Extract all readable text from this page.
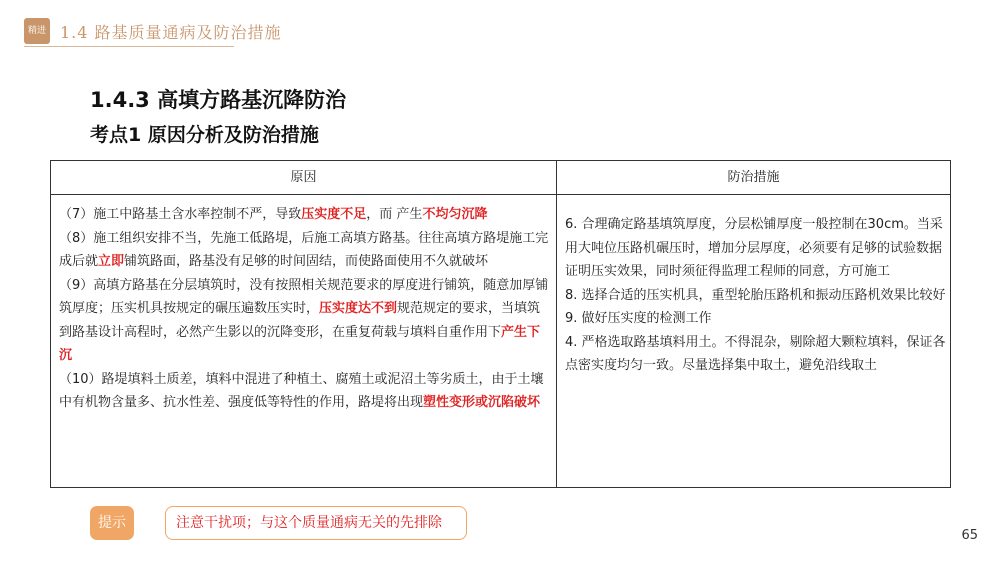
精进 1.4 路基质量通病及防治措施
1.4.3 高填方路基沉降防治
考点1 原因分析及防治措施
原因	防治措施

（7）施工中路基土含水率控制不严，导致压实度不足，而 产生不均匀沉降

（8）施工组织安排不当，先施工低路堤，后施工高填方路基。往往高填方路堤施工完成后就立即铺筑路面，路基没有足够的时间固结，而使路面使用不久就破坏

（9）高填方路基在分层填筑时，没有按照相关规范要求的厚度进行铺筑，随意加厚铺筑厚度；压实机具按规定的碾压遍数压实时，压实度达不到规范规定的要求，当填筑到路基设计高程时，必然产生影以的沉降变形，在重复荷载与填料自重作用下产生下沉

（10）路堤填料土质差，填料中混进了种植土、腐殖土或泥沼土等劣质土，由于土壤中有机物含量多、抗水性差、强度低等特性的作用，路堤将出现塑性变形或沉陷破坏

6. 合理确定路基填筑厚度，分层松铺厚度一般控制在30cm。当采用大吨位压路机碾压时，增加分层厚度，必须要有足够的试验数据证明压实效果，同时须征得监理工程师的同意，方可施工

8. 选择合适的压实机具，重型轮胎压路机和振动压路机效果比较好

9. 做好压实度的检测工作

4. 严格选取路基填料用土。不得混杂，剔除超大颗粒填料，保证各点密实度均匀一致。尽量选择集中取土，避免沿线取土

提示	注意干扰项；与这个质量通病无关的先排除
65
